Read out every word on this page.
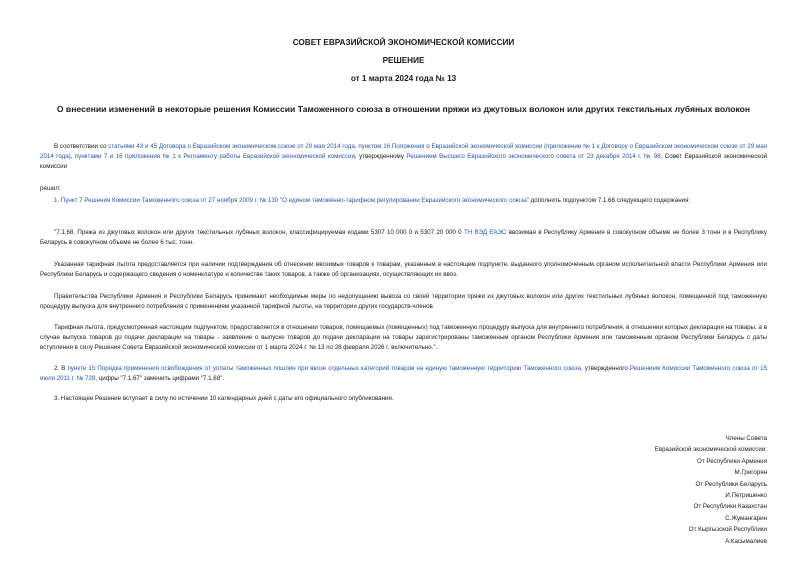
СОВЕТ ЕВРАЗИЙСКОЙ ЭКОНОМИЧЕСКОЙ КОМИССИИ
РЕШЕНИЕ
от 1 марта 2024 года № 13
О внесении изменений в некоторые решения Комиссии Таможенного союза в отношении пряжи из джутовых волокон или других текстильных лубяных волокон
В соответствии со статьями 43 и 45 Договора о Евразийском экономическом союзе от 29 мая 2014 года, пунктом 16 Положения о Евразийской экономической комиссии (приложение № 1 к Договору о Евразийском экономическом союзе от 29 мая 2014 года), пунктами 7 и 16 приложения № 1 к Регламенту работы Евразийской экономической комиссии, утвержденному Решением Высшего Евразийского экономического совета от 23 декабря 2014 г. № 98, Совет Евразийской экономической комиссии
решил:
1. Пункт 7 Решения Комиссии Таможенного союза от 27 ноября 2009 г. № 130 "О едином таможенно-тарифном регулировании Евразийского экономического союза" дополнить подпунктом 7.1.68 следующего содержания:
"7.1.68. Пряжа из джутовых волокон или других текстильных лубяных волокон, классифицируемая кодами 5307 10 000 0 и 5307 20 000 0 ТН ВЭД ЕАЭС ввозимая в Республику Армения в совокупном объеме не более 3 тонн и в Республику Беларусь в совокупном объеме не более 6 тыс. тонн.
Указанная тарифная льгота предоставляется при наличии подтверждения об отнесении ввозимых товаров к товарам, указанным в настоящем подпункте, выданного уполномоченным органом исполнительной власти Республики Армения или Республики Беларусь и содержащего сведения о номенклатуре и количестве таких товаров, а также об организациях, осуществляющих их ввоз.
Правительства Республики Армения и Республики Беларусь принимают необходимые меры по недопущению вывоза со своей территории пряжи из джутовых волокон или других текстильных лубяных волокон, помещенной под таможенную процедуру выпуска для внутреннего потребления с применением указанной тарифной льготы, на территории других государств-членов.
Тарифная льгота, предусмотренная настоящим подпунктом, предоставляется в отношении товаров, помещаемых (помещенных) под таможенную процедуру выпуска для внутреннего потребления, в отношении которых декларация на товары, а в случае выпуска товаров до подачи декларации на товары - заявление о выпуске товаров до подачи декларации на товары зарегистрированы таможенным органом Республики Армения или таможенным органом Республики Беларусь с даты вступления в силу Решения Совета Евразийской экономической комиссии от 1 марта 2024 г. № 13 по 28 февраля 2026 г. включительно.".
2. В пункте 15 Порядка применения освобождения от уплаты таможенных пошлин при ввозе отдельных категорий товаров на единую таможенную территорию Таможенного союза, утвержденного Решением Комиссии Таможенного союза от 15 июля 2011 г. № 728, цифры "7.1.67" заменить цифрами "7.1.68".
3. Настоящее Решение вступает в силу по истечении 10 календарных дней с даты его официального опубликования.
Члены Совета
Евразийской экономической комиссии:
От Республики Армения
М.Григорян
От Республики Беларусь
И.Петришенко
От Республики Казахстан
С.Жумангарин
От Кыргызской Республики
А.Касымалиев
